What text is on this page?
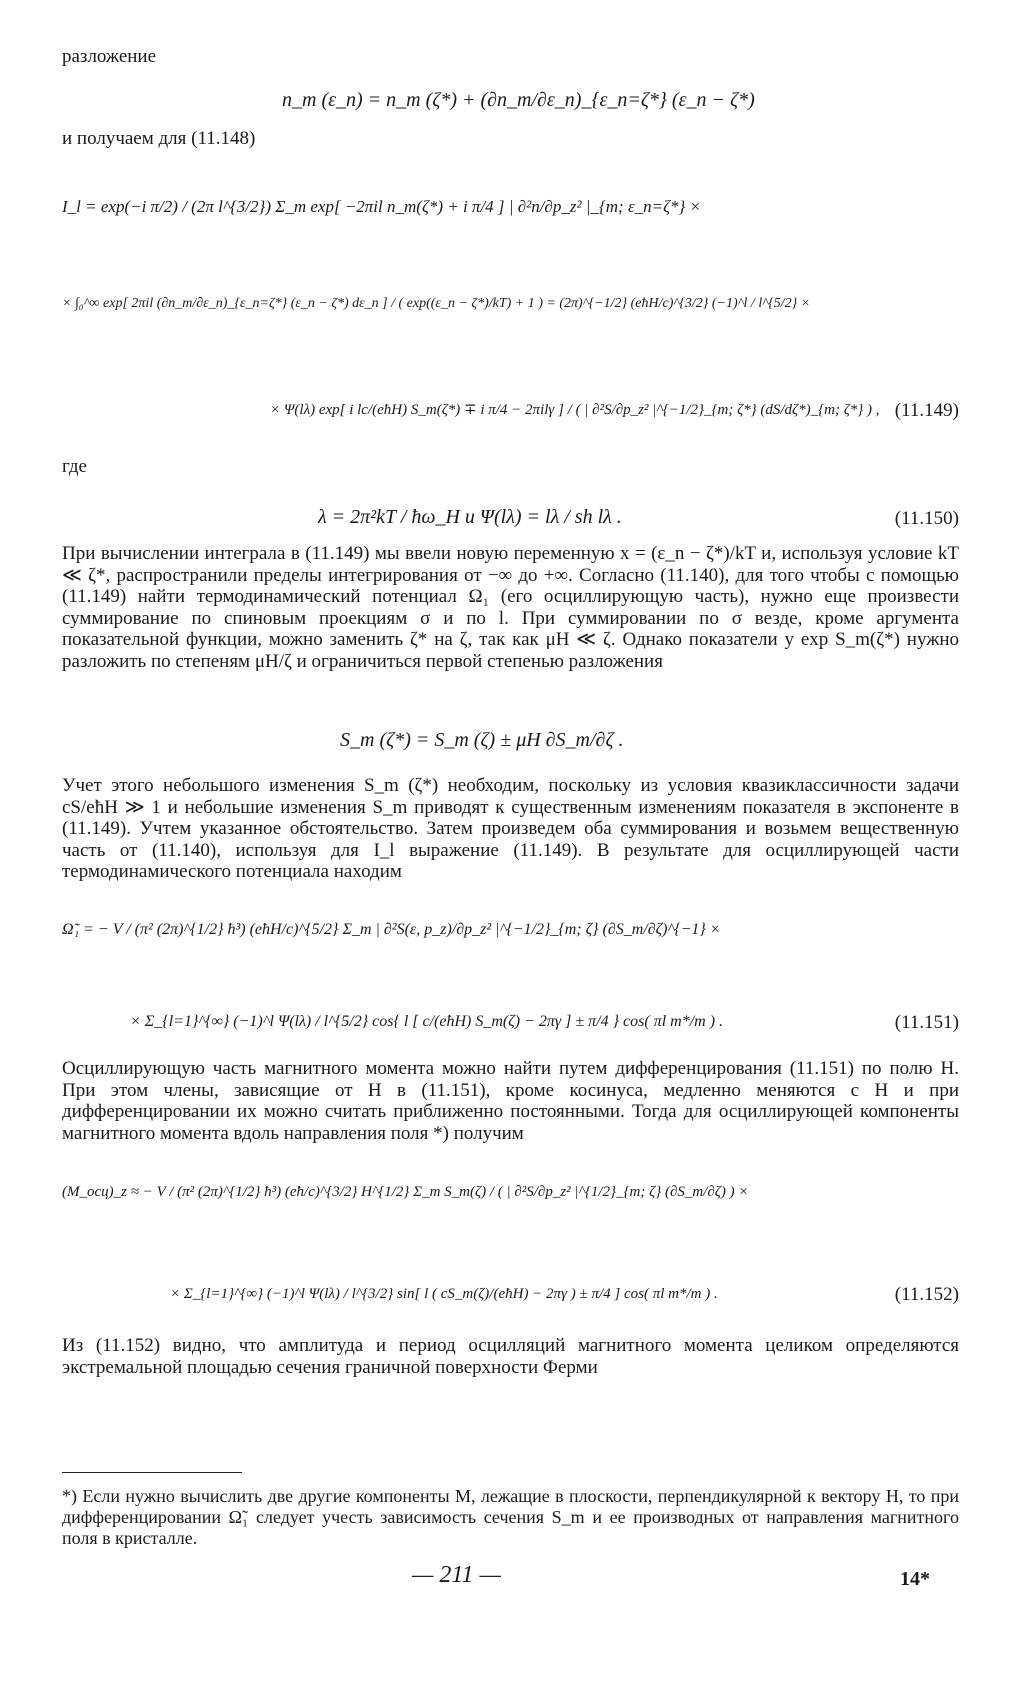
разложение
n_m (ε_n) = n_m (ζ*) + (∂n_m/∂ε_n)_{ε_n=ζ*} (ε_n − ζ*)
и получаем для (11.148)
I_l = exp(−i π/2) / (2π l^{3/2}) Σ_m exp[ −2πil n_m(ζ*) + i π/4 ] | ∂²n/∂p_z² |_{m; ε_n=ζ*} ×
× ∫₀^∞ exp[ 2πil (∂n_m/∂ε_n)_{ε_n=ζ*} (ε_n − ζ*) dε_n ] / ( exp((ε_n − ζ*)/kT) + 1 ) = (2π)^{−1/2} (eħH/c)^{3/2} (−1)^l / l^{5/2} ×
× Ψ(lλ) exp[ i lc/(eħH) S_m(ζ*) ∓ i π/4 − 2πilγ ] / ( | ∂²S/∂p_z² |^{−1/2}_{m; ζ*} (dS/dζ*)_{m; ζ*} ) , (11.149)
где
λ = 2π²kT / ħω_H и Ψ(lλ) = lλ / sh lλ .	(11.150)
При вычислении интеграла в (11.149) мы ввели новую переменную x = (ε_n − ζ*)/kT и, используя условие kT ≪ ζ*, распространили пределы интегрирования от −∞ до +∞. Согласно (11.140), для того чтобы с помощью (11.149) найти термодинамический потенциал Ω₁ (его осциллирующую часть), нужно еще произвести суммирование по спиновым проекциям σ и по l. При суммировании по σ везде, кроме аргумента показательной функции, можно заменить ζ* на ζ, так как μH ≪ ζ. Однако показатели у exp S_m(ζ*) нужно разложить по степеням μH/ζ и ограничиться первой степенью разложения
S_m (ζ*) = S_m (ζ) ± μH ∂S_m/∂ζ .
Учет этого небольшого изменения S_m (ζ*) необходим, поскольку из условия квазиклассичности задачи cS/eħH ≫ 1 и небольшие изменения S_m приводят к существенным изменениям показателя в экспоненте в (11.149). Учтем указанное обстоятельство. Затем произведем оба суммирования и возьмем вещественную часть от (11.140), используя для I_l выражение (11.149). В результате для осциллирующей части термодинамического потенциала находим
Ω̃₁ = − V / (π² (2π)^{1/2} ħ³) (eħH/c)^{5/2} Σ_m | ∂²S(ε, p_z)/∂p_z² |^{−1/2}_{m; ζ} (∂S_m/∂ζ)^{−1} ×
× Σ_{l=1}^{∞} (−1)^l Ψ(lλ) / l^{5/2} cos{ l [ c/(eħH) S_m(ζ) − 2πγ ] ± π/4 } cos( πl m*/m ) .	(11.151)
Осциллирующую часть магнитного момента можно найти путем дифференцирования (11.151) по полю H. При этом члены, зависящие от H в (11.151), кроме косинуса, медленно меняются с H и при дифференцировании их можно считать приближенно постоянными. Тогда для осциллирующей компоненты магнитного момента вдоль направления поля *) получим
(M_осц)_z ≈ − V / (π² (2π)^{1/2} ħ³) (eħ/c)^{3/2} H^{1/2} Σ_m S_m(ζ) / ( | ∂²S/∂p_z² |^{1/2}_{m; ζ} (∂S_m/∂ζ) ) ×
× Σ_{l=1}^{∞} (−1)^l Ψ(lλ) / l^{3/2} sin[ l ( cS_m(ζ)/(eħH) − 2πγ ) ± π/4 ] cos( πl m*/m ) .	(11.152)
Из (11.152) видно, что амплитуда и период осцилляций магнитного момента целиком определяются экстремальной площадью сечения граничной поверхности Ферми
*) Если нужно вычислить две другие компоненты M, лежащие в плоскости, перпендикулярной к вектору H, то при дифференцировании Ω̃₁ следует учесть зависимость сечения S_m и ее производных от направления магнитного поля в кристалле.
— 211 —	14*
